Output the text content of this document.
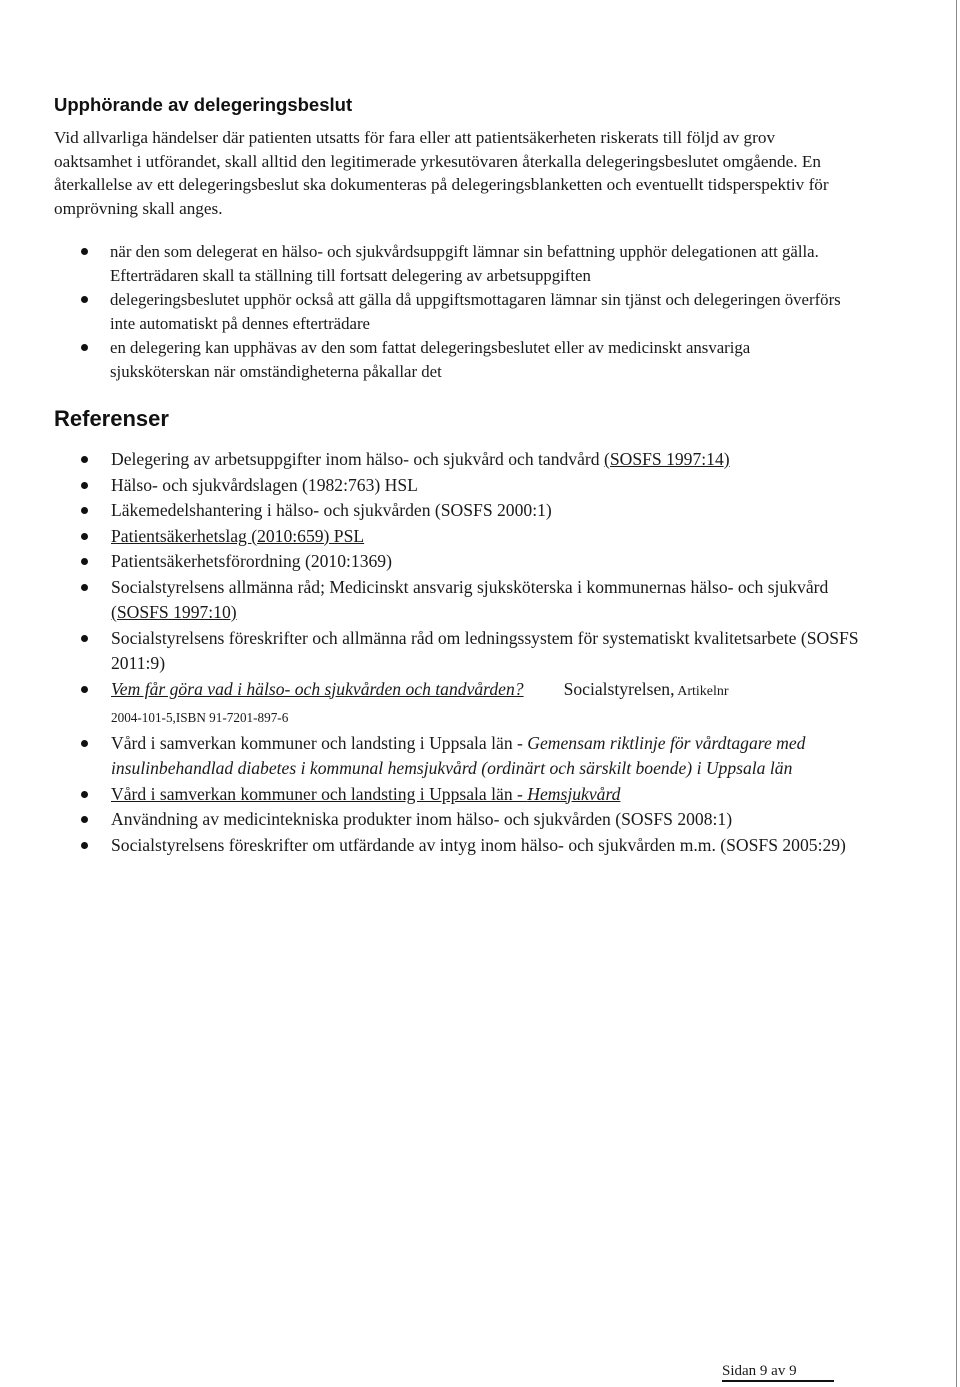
Upphörande av delegeringsbeslut

Vid allvarliga händelser där patienten utsatts för fara eller att patientsäkerheten riskerats till följd av grov oaktsamhet i utförandet, skall alltid den legitimerade yrkesutövaren återkalla delegeringsbeslutet omgående. En återkallelse av ett delegeringsbeslut ska dokumenteras på delegeringsblanketten och eventuellt tidsperspektiv för omprövning skall anges.

när den som delegerat en hälso- och sjukvårdsuppgift lämnar sin befattning upphör delegationen att gälla. Efterträdaren skall ta ställning till fortsatt delegering av arbetsuppgiften
delegeringsbeslutet upphör också att gälla då uppgiftsmottagaren lämnar sin tjänst och delegeringen överförs inte automatiskt på dennes efterträdare
en delegering kan upphävas av den som fattat delegeringsbeslutet eller av medicinskt ansvariga sjuksköterskan när omständigheterna påkallar det
Referenser
Delegering av arbetsuppgifter inom hälso- och sjukvård och tandvård (SOSFS 1997:14)
Hälso- och sjukvårdslagen (1982:763) HSL
Läkemedelshantering i hälso- och sjukvården (SOSFS 2000:1)
Patientsäkerhetslag (2010:659) PSL
Patientsäkerhetsförordning (2010:1369)
Socialstyrelsens allmänna råd; Medicinskt ansvarig sjuksköterska i kommunernas hälso- och sjukvård (SOSFS 1997:10)
Socialstyrelsens föreskrifter och allmänna råd om ledningssystem för systematiskt kvalitetsarbete (SOSFS 2011:9)
Vem får göra vad i hälso- och sjukvården och tandvården? Socialstyrelsen, Artikelnr
2004-101-5,ISBN 91-7201-897-6
Vård i samverkan kommuner och landsting i Uppsala län - Gemensam riktlinje för vårdtagare med insulinbehandlad diabetes i kommunal hemsjukvård (ordinärt och särskilt boende) i Uppsala län
Vård i samverkan kommuner och landsting i Uppsala län - Hemsjukvård
Användning av medicintekniska produkter inom hälso- och sjukvården (SOSFS 2008:1)
Socialstyrelsens föreskrifter om utfärdande av intyg inom hälso- och sjukvården m.m. (SOSFS 2005:29)
Sidan 9 av 9
